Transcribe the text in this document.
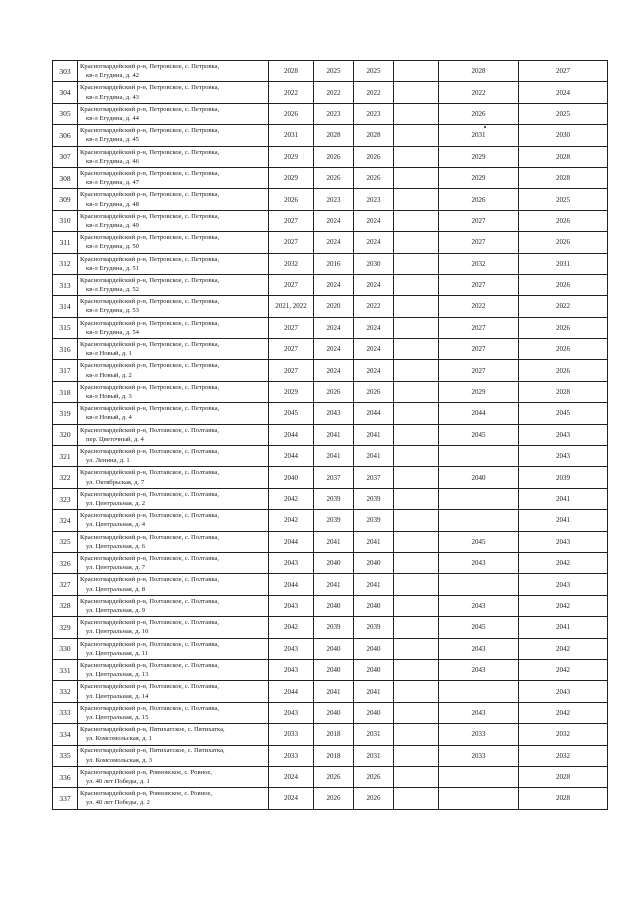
303	Красногвардейский р-н, Петровское, с. Петровка,
кв-л Егудина, д. 42	2028	2025	2025		2028	2027
304	Красногвардейский р-н, Петровское, с. Петровка,
кв-л Егудина, д. 43	2022	2022	2022		2022	2024
305	Красногвардейский р-н, Петровское, с. Петровка,
кв-л Егудина, д. 44	2026	2023	2023		2026	2025
306	Красногвардейский р-н, Петровское, с. Петровка,
кв-л Егудина, д. 45	2031	2028	2028		2031	2030
307	Красногвардейский р-н, Петровское, с. Петровка,
кв-л Егудина, д. 46	2029	2026	2026		2029	2028
308	Красногвардейский р-н, Петровское, с. Петровка,
кв-л Егудина, д. 47	2029	2026	2026		2029	2028
309	Красногвардейский р-н, Петровское, с. Петровка,
кв-л Егудина, д. 48	2026	2023	2023		2026	2025
310	Красногвардейский р-н, Петровское, с. Петровка,
кв-л Егудина, д. 49	2027	2024	2024		2027	2026
311	Красногвардейский р-н, Петровское, с. Петровка,
кв-л Егудина, д. 50	2027	2024	2024		2027	2026
312	Красногвардейский р-н, Петровское, с. Петровка,
кв-л Егудина, д. 51	2032	2016	2030		2032	2031
313	Красногвардейский р-н, Петровское, с. Петровка,
кв-л Егудина, д. 52	2027	2024	2024		2027	2026
314	Красногвардейский р-н, Петровское, с. Петровка,
кв-л Егудина, д. 53	2021, 2022	2020	2022		2022	2022
315	Красногвардейский р-н, Петровское, с. Петровка,
кв-л Егудина, д. 54	2027	2024	2024		2027	2026
316	Красногвардейский р-н, Петровское, с. Петровка,
кв-л Новый, д. 1	2027	2024	2024		2027	2026
317	Красногвардейский р-н, Петровское, с. Петровка,
кв-л Новый, д. 2	2027	2024	2024		2027	2026
318	Красногвардейский р-н, Петровское, с. Петровка,
кв-л Новый, д. 3	2029	2026	2026		2029	2028
319	Красногвардейский р-н, Петровское, с. Петровка,
кв-л Новый, д. 4	2045	2043	2044		2044	2045
320	Красногвардейский р-н, Полтавское, с. Полтавка,
пер. Цветочный, д. 4	2044	2041	2041		2045	2043
321	Красногвардейский р-н, Полтавское, с. Полтавка,
ул. Ленина, д. 1	2044	2041	2041			2043
322	Красногвардейский р-н, Полтавское, с. Полтавка,
ул. Октябрьская, д. 7	2040	2037	2037		2040	2039
323	Красногвардейский р-н, Полтавское, с. Полтавка,
ул. Центральная, д. 2	2042	2039	2039			2041
324	Красногвардейский р-н, Полтавское, с. Полтавка,
ул. Центральная, д. 4	2042	2039	2039			2041
325	Красногвардейский р-н, Полтавское, с. Полтавка,
ул. Центральная, д. 6	2044	2041	2041		2045	2043
326	Красногвардейский р-н, Полтавское, с. Полтавка,
ул. Центральная, д. 7	2043	2040	2040		2043	2042
327	Красногвардейский р-н, Полтавское, с. Полтавка,
ул. Центральная, д. 8	2044	2041	2041			2043
328	Красногвардейский р-н, Полтавское, с. Полтавка,
ул. Центральная, д. 9	2043	2040	2040		2043	2042
329	Красногвардейский р-н, Полтавское, с. Полтавка,
ул. Центральная, д. 10	2042	2039	2039		2045	2041
330	Красногвардейский р-н, Полтавское, с. Полтавка,
ул. Центральная, д. 11	2043	2040	2040		2043	2042
331	Красногвардейский р-н, Полтавское, с. Полтавка,
ул. Центральная, д. 13	2043	2040	2040		2043	2042
332	Красногвардейский р-н, Полтавское, с. Полтавка,
ул. Центральная, д. 14	2044	2041	2041			2043
333	Красногвардейский р-н, Полтавское, с. Полтавка,
ул. Центральная, д. 15	2043	2040	2040		2043	2042
334	Красногвардейский р-н, Пятихатское, с. Пятихатка,
ул. Комсомольская, д. 1	2033	2018	2031		2033	2032
335	Красногвардейский р-н, Пятихатское, с. Пятихатка,
ул. Комсомольская, д. 3	2033	2018	2031		2033	2032
336	Красногвардейский р-н, Ровновское, с. Ровное,
ул. 40 лет Победы, д. 1	2024	2026	2026			2028
337	Красногвардейский р-н, Ровновское, с. Ровное,
ул. 40 лет Победы, д. 2	2024	2026	2026			2028
